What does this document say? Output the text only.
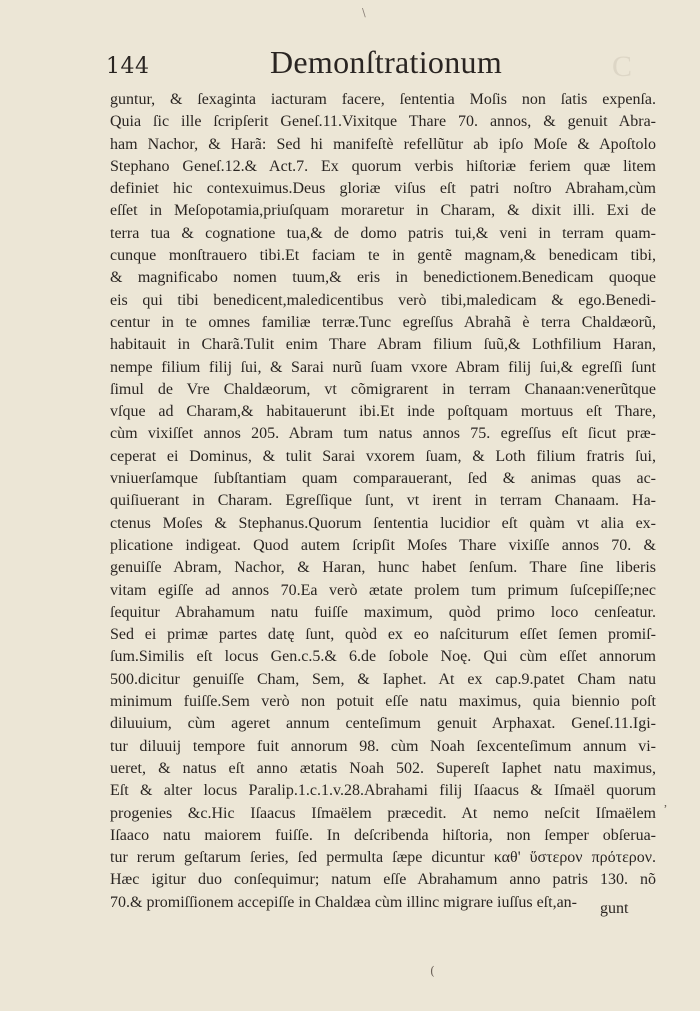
\
144	Demonſtrationum	C
guntur, & ſexaginta iacturam facere, ſententia Moſis non ſatis expenſa.
Quia ſic ille ſcripſerit Geneſ.11.Vixitque Thare 70. annos, & genuit Abra-
ham Nachor, & Harã: Sed hi manifeſtè refellũtur ab ipſo Moſe & Apoſtolo
Stephano Geneſ.12.& Act.7. Ex quorum verbis hiſtoriæ feriem quæ litem
definiet hic contexuimus.Deus gloriæ viſus eſt patri noſtro Abraham,cùm
eſſet in Meſopotamia,priuſquam moraretur in Charam, & dixit illi. Exi de
terra tua & cognatione tua,& de domo patris tui,& veni in terram quam-
cunque monſtrauero tibi.Et faciam te in gentẽ magnam,& benedicam tibi,
& magnificabo nomen tuum,& eris in benedictionem.Benedicam quoque
eis qui tibi benedicent,maledicentibus verò tibi,maledicam & ego.Benedi-
centur in te omnes familiæ terræ.Tunc egreſſus Abrahã è terra Chaldæorũ,
habitauit in Charã.Tulit enim Thare Abram filium ſuũ,& Lothfilium Haran,
nempe filium filij ſui, & Sarai nurũ ſuam vxore Abram filij ſui,& egreſſi ſunt
ſimul de Vre Chaldæorum, vt cõmigrarent in terram Chanaan:venerũtque
vſque ad Charam,& habitauerunt ibi.Et inde poſtquam mortuus eſt Thare,
cùm vixiſſet annos 205. Abram tum natus annos 75. egreſſus eſt ſicut præ-
ceperat ei Dominus, & tulit Sarai vxorem ſuam, & Loth filium fratris ſui,
vniuerſamque ſubſtantiam quam comparauerant, ſed & animas quas ac-
quiſiuerant in Charam. Egreſſique ſunt, vt irent in terram Chanaam. Ha-
ctenus Moſes & Stephanus.Quorum ſententia lucidior eſt quàm vt alia ex-
plicatione indigeat. Quod autem ſcripſit Moſes Thare vixiſſe annos 70. &
genuiſſe Abram, Nachor, & Haran, hunc habet ſenſum. Thare ſine liberis
vitam egiſſe ad annos 70.Ea verò ætate prolem tum primum ſuſcepiſſe;nec
ſequitur Abrahamum natu fuiſſe maximum, quòd primo loco cenſeatur.
Sed ei primæ partes datę ſunt, quòd ex eo naſciturum eſſet ſemen promiſ-
ſum.Similis eſt locus Gen.c.5.& 6.de ſobole Noę. Qui cùm eſſet annorum
500.dicitur genuiſſe Cham, Sem, & Iaphet. At ex cap.9.patet Cham natu
minimum fuiſſe.Sem verò non potuit eſſe natu maximus, quia biennio poſt
diluuium, cùm ageret annum centeſimum genuit Arphaxat. Geneſ.11.Igi-
tur diluuij tempore fuit annorum 98. cùm Noah ſexcenteſimum annum vi-
ueret, & natus eſt anno ætatis Noah 502. Supereſt Iaphet natu maximus,
Eſt & alter locus Paralip.1.c.1.v.28.Abrahami filij Iſaacus & Iſmaël quorum
progenies &c.Hic Iſaacus Iſmaëlem præcedit. At nemo neſcit Iſmaëlem
Iſaaco natu maiorem fuiſſe. In deſcribenda hiſtoria, non ſemper obſerua-
tur rerum geſtarum ſeries, ſed permulta ſæpe dicuntur καθ' ὕστερον πρότερον.
Hæc igitur duo conſequimur; natum eſſe Abrahamum anno patris 130. nõ
70.& promiſſionem accepiſſe in Chaldæa cùm illinc migrare iuſſus eſt,an-	gunt
,
(
